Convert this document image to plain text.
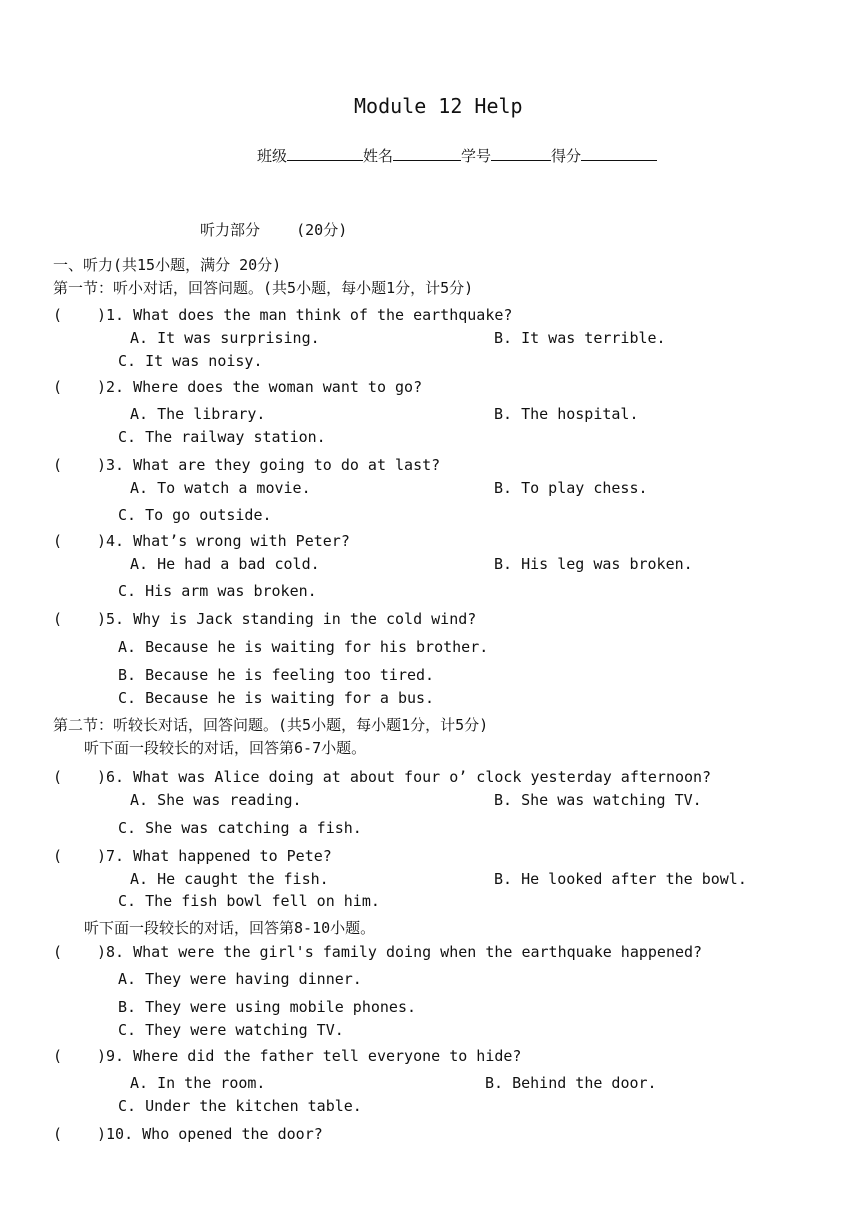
Module 12 Help
班级	姓名	学号	得分
听力部分    (20分)
一、听力(共15小题，满分 20分)
第一节：听小对话，回答问题。(共5小题，每小题1分，计5分)
( )1. What does the man think of the earthquake?
A. It was surprising.	B. It was terrible.
C. It was noisy.
( )2. Where does the woman want to go?
A. The library.	B. The hospital.
C. The railway station.
( )3. What are they going to do at last?
A. To watch a movie.	B. To play chess.
C. To go outside.
( )4. What’s wrong with Peter?
A. He had a bad cold.	B. His leg was broken.
C. His arm was broken.
( )5. Why is Jack standing in the cold wind?
A. Because he is waiting for his brother.
B. Because he is feeling too tired.
C. Because he is waiting for a bus.
第二节：听较长对话，回答问题。(共5小题，每小题1分，计5分)
听下面一段较长的对话，回答第6-7小题。
( )6. What was Alice doing at about four o’ clock yesterday afternoon?
A. She was reading.	B. She was watching TV.
C. She was catching a fish.
( )7. What happened to Pete?
A. He caught the fish.	B. He looked after the bowl.
C. The fish bowl fell on him.
听下面一段较长的对话，回答第8-10小题。
( )8. What were the girl's family doing when the earthquake happened?
A. They were having dinner.
B. They were using mobile phones.
C. They were watching TV.
( )9. Where did the father tell everyone to hide?
A. In the room.	B. Behind the door.
C. Under the kitchen table.
( )10. Who opened the door?
